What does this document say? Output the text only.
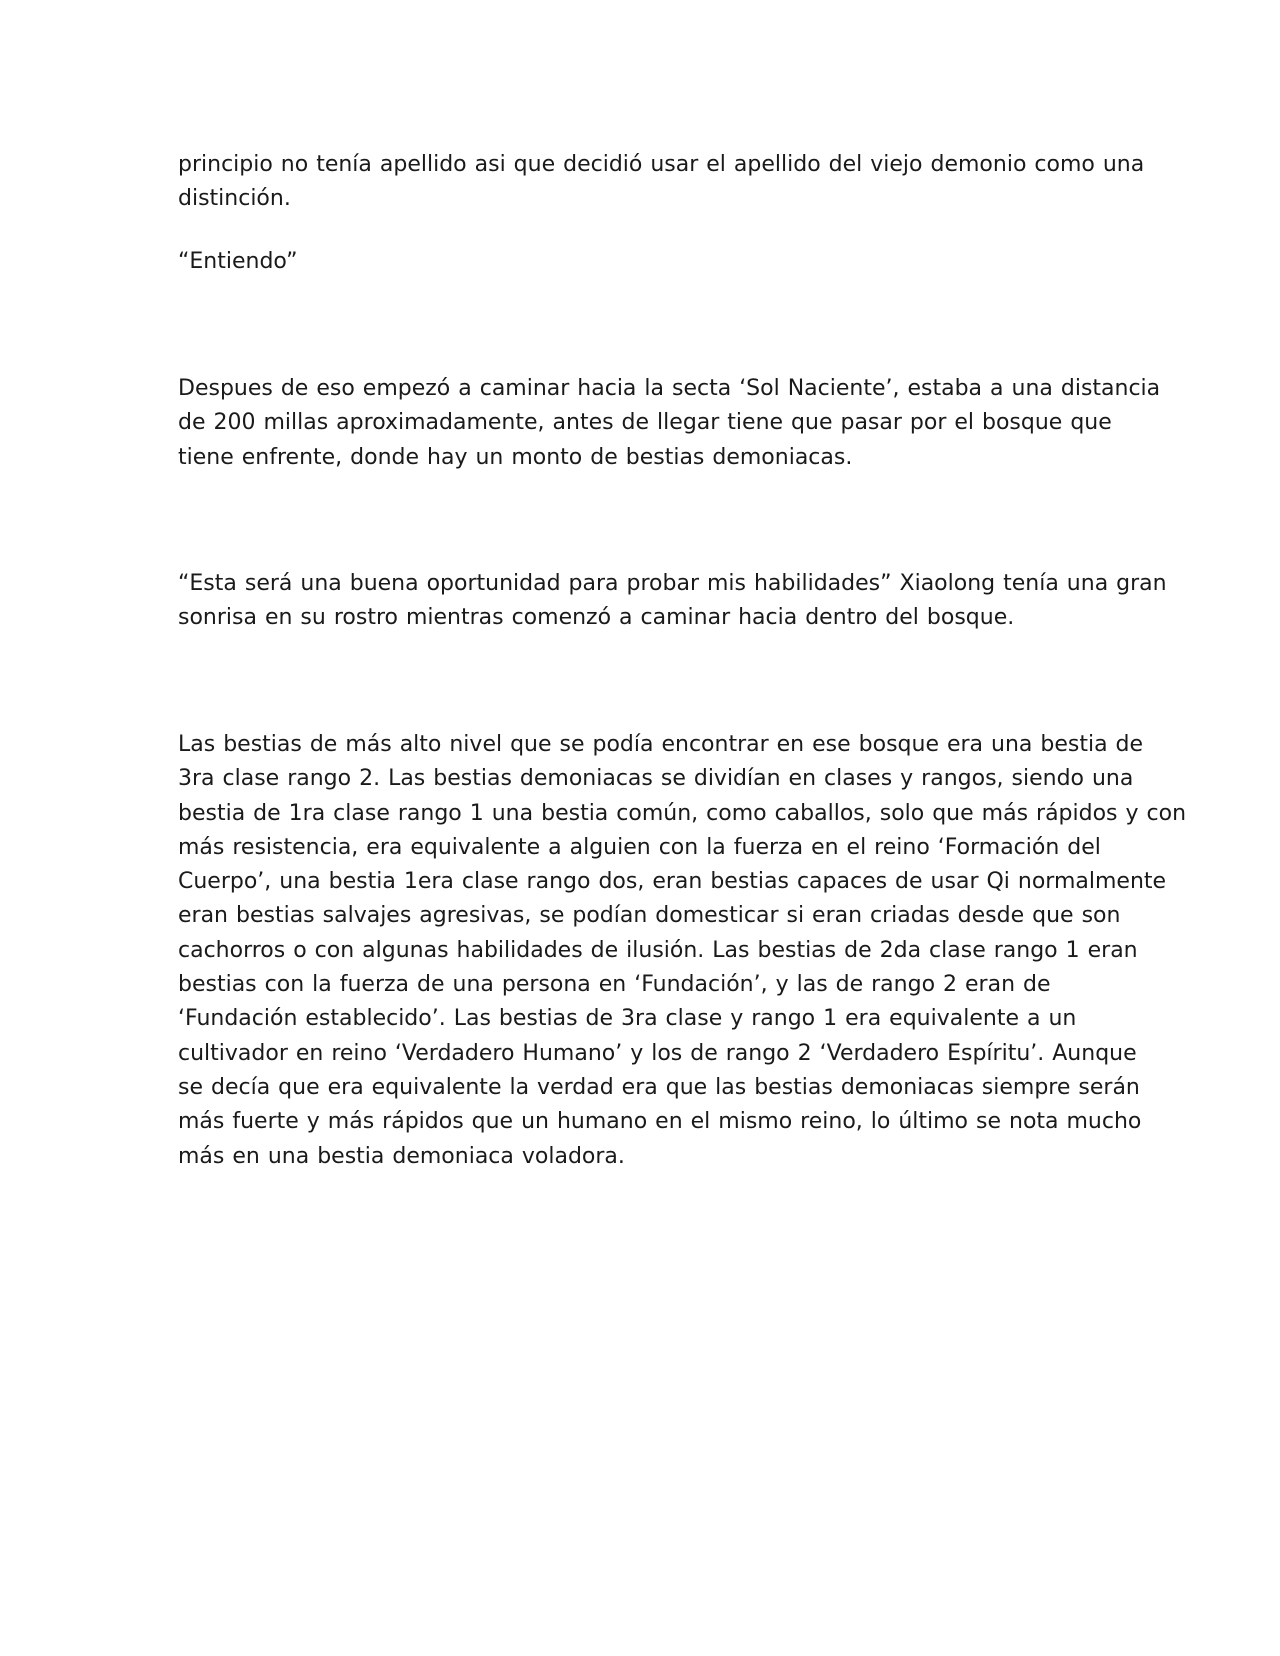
principio no tenía apellido asi que decidió usar el apellido del viejo demonio como una
distinción.

“Entiendo”

Despues de eso empezó a caminar hacia la secta ‘Sol Naciente’, estaba a una distancia
de 200 millas aproximadamente, antes de llegar tiene que pasar por el bosque que
tiene enfrente, donde hay un monto de bestias demoniacas.

“Esta será una buena oportunidad para probar mis habilidades” Xiaolong tenía una gran
sonrisa en su rostro mientras comenzó a caminar hacia dentro del bosque.

Las bestias de más alto nivel que se podía encontrar en ese bosque era una bestia de
3ra clase rango 2. Las bestias demoniacas se dividían en clases y rangos, siendo una
bestia de 1ra clase rango 1 una bestia común, como caballos, solo que más rápidos y con
más resistencia, era equivalente a alguien con la fuerza en el reino ‘Formación del
Cuerpo’, una bestia 1era clase rango dos, eran bestias capaces de usar Qi normalmente
eran bestias salvajes agresivas, se podían domesticar si eran criadas desde que son
cachorros o con algunas habilidades de ilusión. Las bestias de 2da clase rango 1 eran
bestias con la fuerza de una persona en ‘Fundación’, y las de rango 2 eran de
‘Fundación establecido’. Las bestias de 3ra clase y rango 1 era equivalente a un
cultivador en reino ‘Verdadero Humano’ y los de rango 2 ‘Verdadero Espíritu’. Aunque
se decía que era equivalente la verdad era que las bestias demoniacas siempre serán
más fuerte y más rápidos que un humano en el mismo reino, lo último se nota mucho
más en una bestia demoniaca voladora.
